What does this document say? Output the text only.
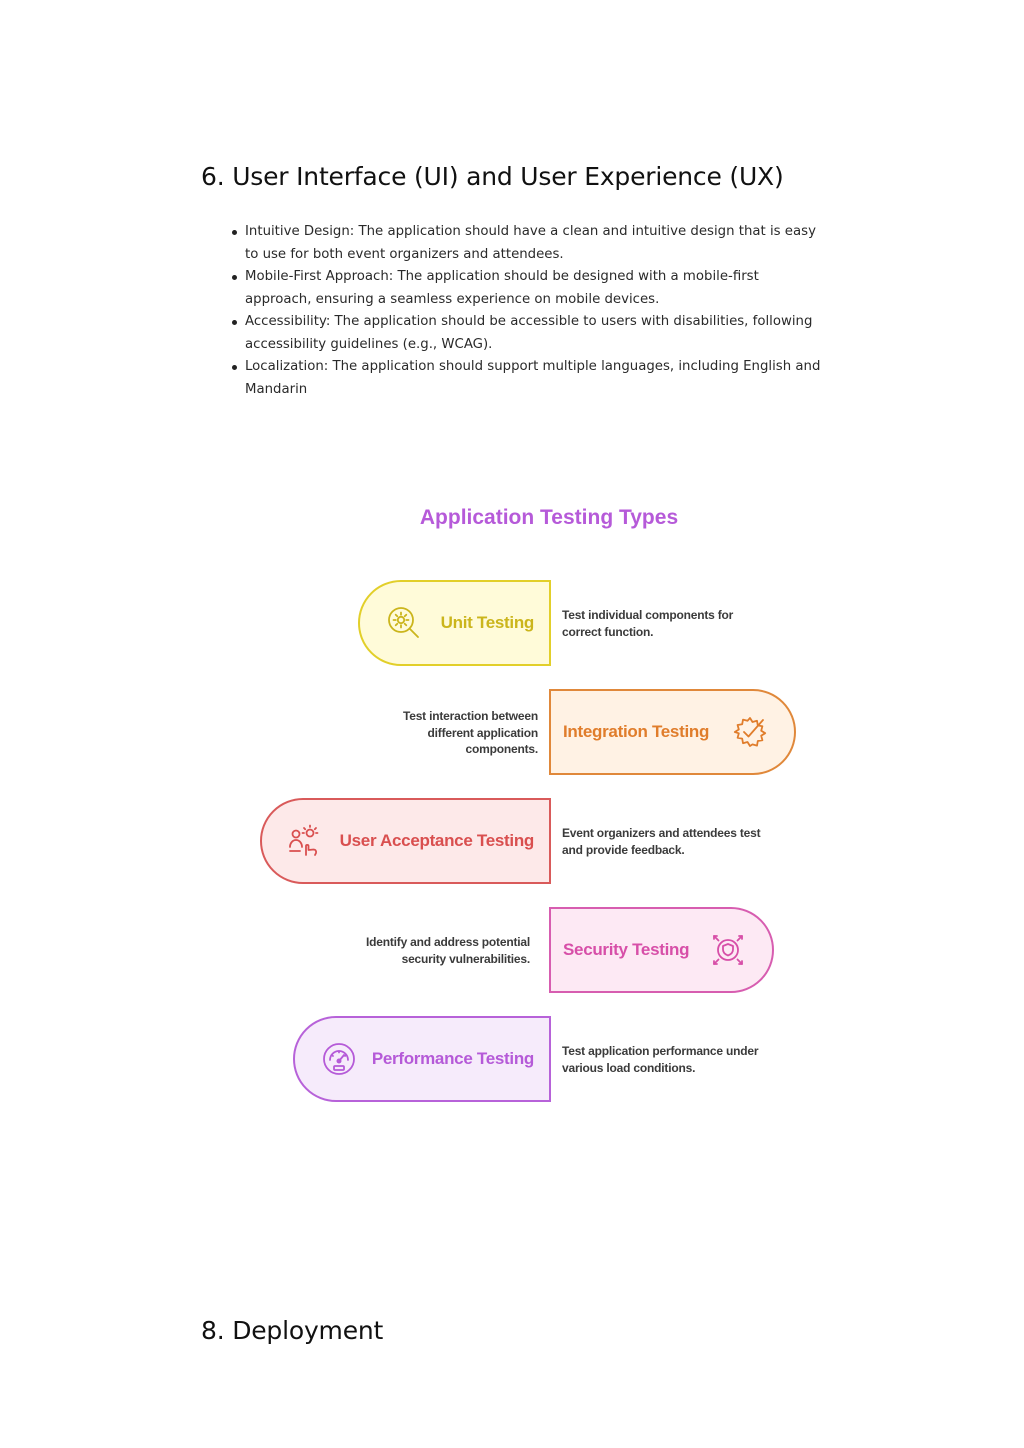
6. User Interface (UI) and User Experience (UX)
Intuitive Design: The application should have a clean and intuitive design that is easy to use for both event organizers and attendees.
Mobile-First Approach: The application should be designed with a mobile-first approach, ensuring a seamless experience on mobile devices.
Accessibility: The application should be accessible to users with disabilities, following accessibility guidelines (e.g., WCAG).
Localization: The application should support multiple languages, including English and Mandarin
Application Testing Types
Unit Testing Test individual components for correct function.
Test interaction between different application components.
Integration Testing
User Acceptance Testing Event organizers and attendees test and provide feedback.
Identify and address potential security vulnerabilities. Security Testing
Performance Testing Test application performance under various load conditions.
8. Deployment
